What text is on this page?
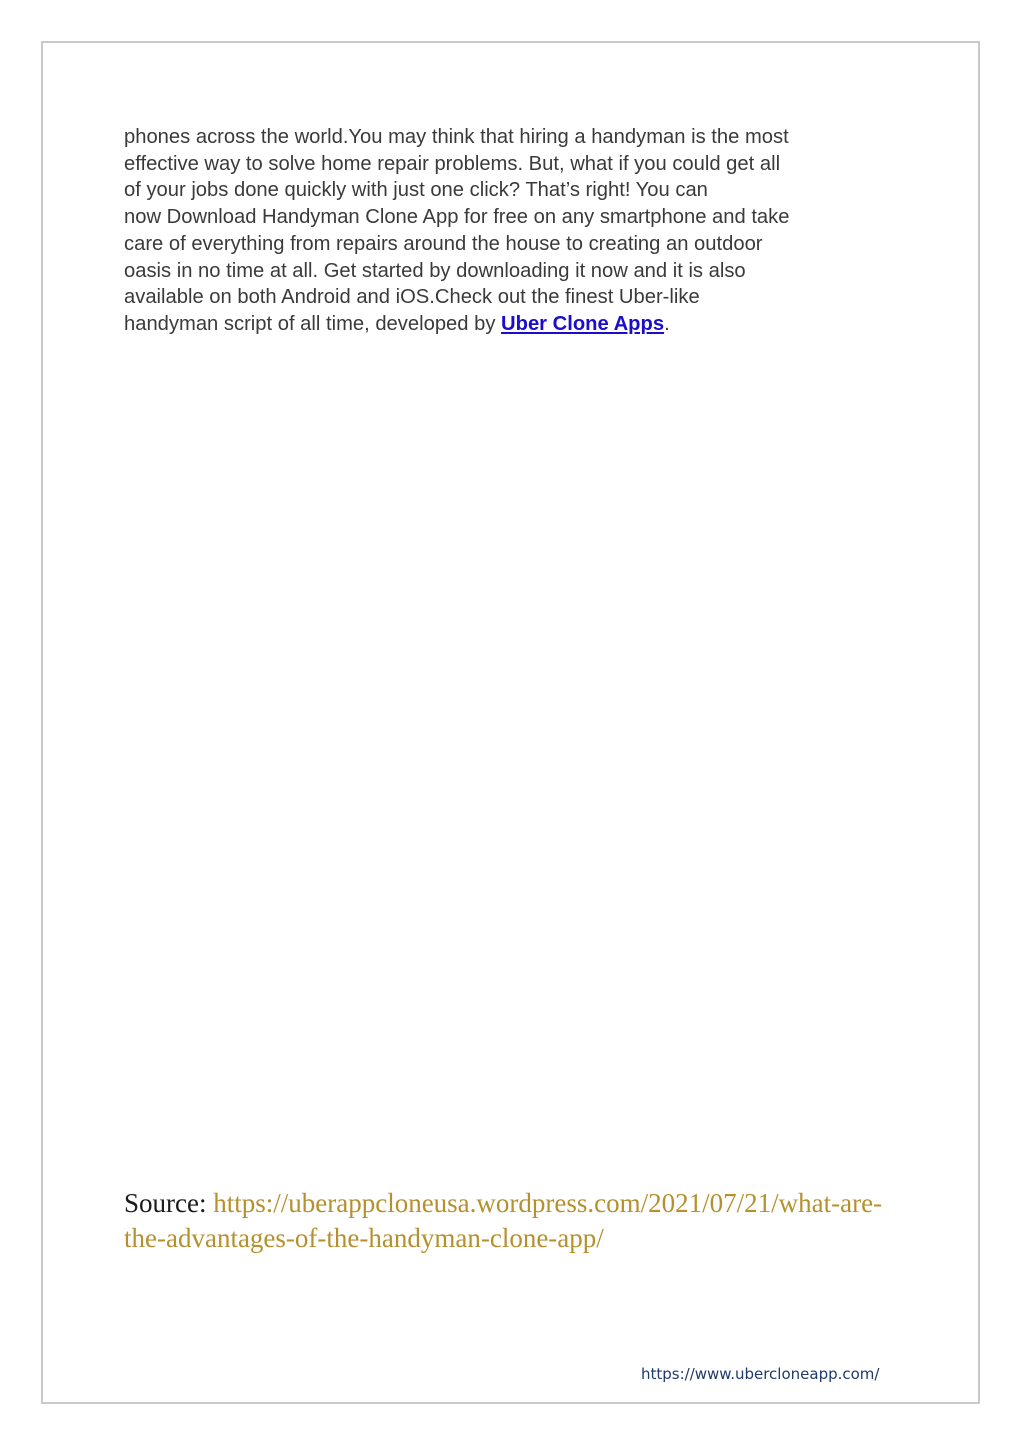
phones across the world.You may think that hiring a handyman is the most
effective way to solve home repair problems. But, what if you could get all
of your jobs done quickly with just one click? That’s right! You can
now Download Handyman Clone App for free on any smartphone and take
care of everything from repairs around the house to creating an outdoor
oasis in no time at all. Get started by downloading it now and it is also
available on both Android and iOS.Check out the finest Uber-like
handyman script of all time, developed by Uber Clone Apps.
Source: https://uberappcloneusa.wordpress.com/2021/07/21/what-are-
the-advantages-of-the-handyman-clone-app/
https://www.ubercloneapp.com/
